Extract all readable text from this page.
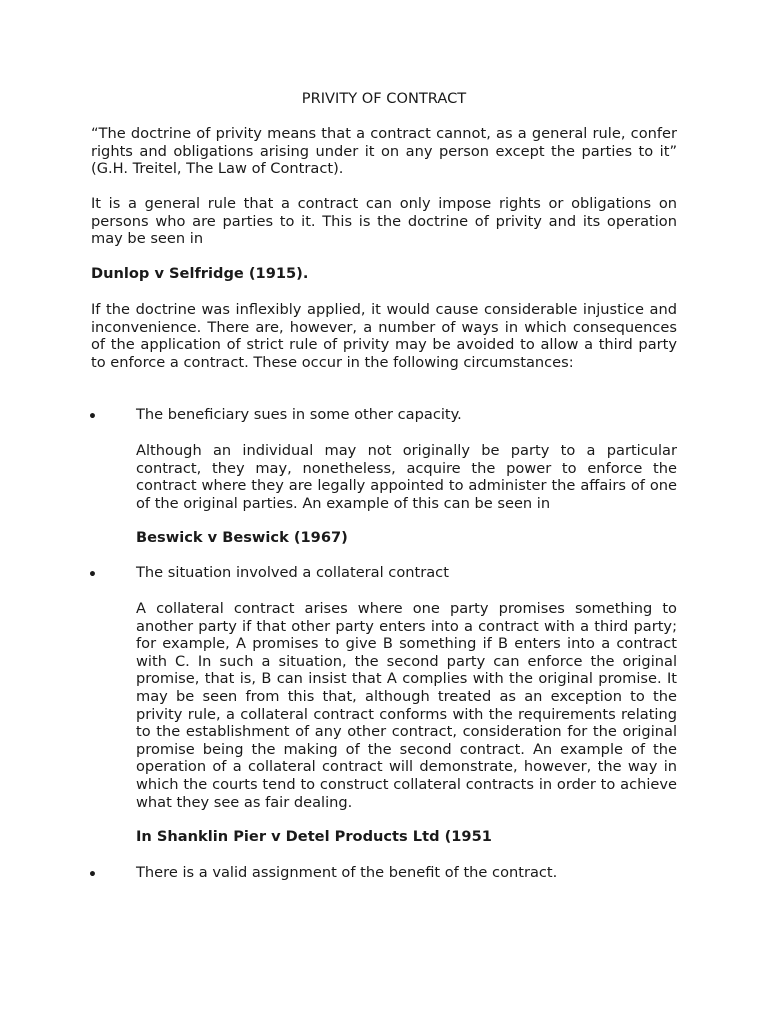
PRIVITY OF CONTRACT

“The doctrine of privity means that a contract cannot, as a general rule, confer rights and obligations arising under it on any person except the parties to it” (G.H. Treitel, The Law of Contract).

It is a general rule that a contract can only impose rights or obligations on persons who are parties to it. This is the doctrine of privity and its operation may be seen in

Dunlop v Selfridge (1915).

If the doctrine was inflexibly applied, it would cause considerable injustice and inconvenience. There are, however, a number of ways in which consequences of the application of strict rule of privity may be avoided to allow a third party to enforce a contract. These occur in the following circumstances:

•	The beneficiary sues in some other capacity.

Although an individual may not originally be party to a particular contract, they may, nonetheless, acquire the power to enforce the contract where they are legally appointed to administer the affairs of one of the original parties. An example of this can be seen in

Beswick v Beswick (1967)

•	The situation involved a collateral contract

A collateral contract arises where one party promises something to another party if that other party enters into a contract with a third party; for example, A promises to give B something if B enters into a contract with C. In such a situation, the second party can enforce the original promise, that is, B can insist that A complies with the original promise. It may be seen from this that, although treated as an exception to the privity rule, a collateral contract conforms with the requirements relating to the establishment of any other contract, consideration for the original promise being the making of the second contract. An example of the operation of a collateral contract will demonstrate, however, the way in which the courts tend to construct collateral contracts in order to achieve what they see as fair dealing.

In Shanklin Pier v Detel Products Ltd (1951

•	There is a valid assignment of the benefit of the contract.
